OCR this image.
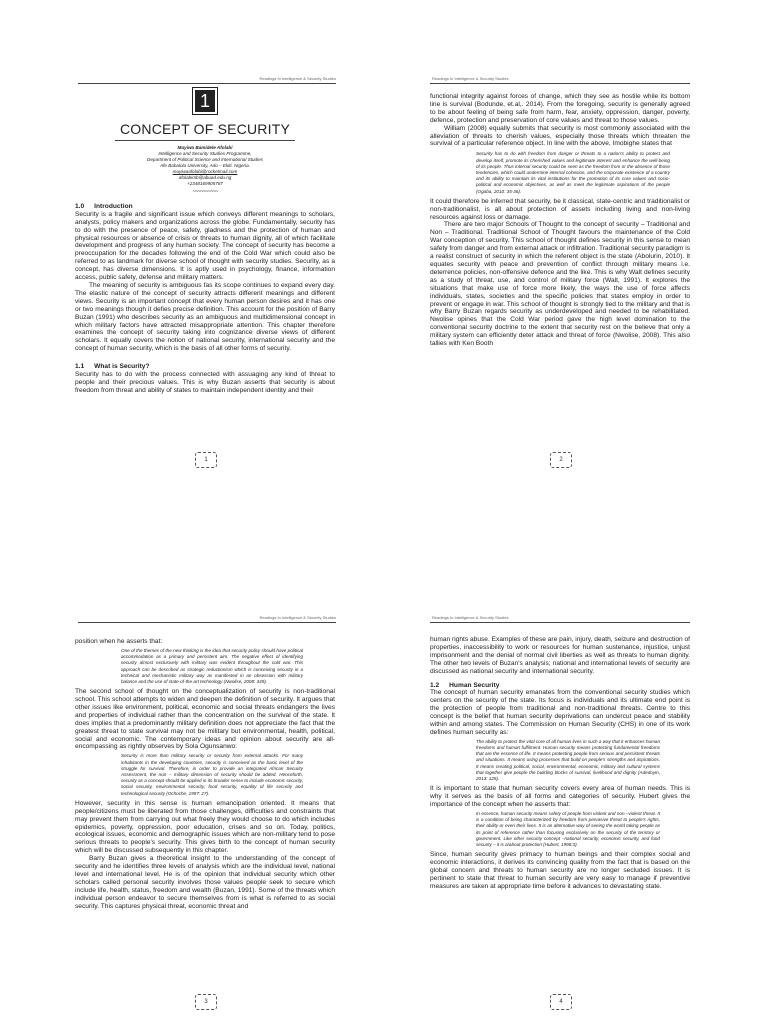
Readings In Intelligence & Security Studies
1
CONCEPT OF SECURITY
Muyiwa Bamidele Afolabi
Intelligence and Security Studies Programme,
Department of Political Science and International Studies
Afe Babalola University, Ado – Ekiti. Nigeria.
muyiwaafolabi@rocketmail.com
afolabimb@abuad.edu.ng
+2348169905787
~~~~~~~~~~
1.0 Introduction

Security is a fragile and significant issue which conveys different meanings to scholars, analysts, policy makers and organizations across the globe. Fundamentally, security has to do with the presence of peace, safety, gladness and the protection of human and physical resources or absence of crisis or threats to human dignity, all of which facilitate development and progress of any human society. The concept of security has become a preoccupation for the decades following the end of the Cold War which could also be referred to as landmark for diverse school of thought with security studies. Security, as a concept, has diverse dimensions. It is aptly used in psychology, finance, information access, public safety, defense and military matters.

The meaning of security is ambiguous fas its scope continues to expand every day. The elastic nature of the concept of security attracts different meanings and different views. Security is an important concept that every human person desires and it has one or two meanings though it defies precise definition. This account for the position of Barry Buzan (1991) who describes security as an ambiguous and multidimensional concept in which military factors have attracted misappropriate attention. This chapter therefore examines the concept of security taking into cognizance diverse views of different scholars. It equally covers the notion of national security, international security and the concept of human security, which is the basis of all other forms of security.

1.1 What is Security?

Security has to do with the process connected with assuaging any kind of threat to people and their precious values. This is why Buzan asserts that security is about freedom from threat and ability of states to maintain independent identity and their

1
Readings In Intelligence & Security Studies

functional integrity against forces of change, which they see as hostile while its bottom line is survival (Bodunde, et.al,. 2014). From the foregoing, security is generally agreed to be about feeling of being safe from harm, fear, anxiety, oppression, danger, poverty, defence, protection and preservation of core values and threat to those values.

William (2008) equally submits that security is most commonly associated with the alleviation of threats to cherish values, especially those threats which threaten the survival of a particular reference object. In line with the above, Imobighe states that

Security has to do with freedom from danger or threats to a nation's ability to protect and develop itself, promote its cherished values and legitimate interest and enhance the well-being of its people. Thus internal security could be seen as the freedom from or the absence of those tendencies, which could undermine internal cohesion, and the corporate existence of a country and its ability to maintain its vital institutions for the promotion of its core values and socio-political and economic objectives, as well as meet the legitimate aspirations of the people (Ogaba, 2010: 35-36).

It could therefore be inferred that security, be it classical, state-centric and traditionalist or non-traditionalist, is all about protection of assets including living and non-living resources against loss or damage.

There are two major Schools of Thought to the concept of security – Traditional and Non – Traditional. Traditional School of Thought favours the maintenance of the Cold War conception of security. This school of thought defines security in this sense to mean safety from danger and from external attack or infiltration. Traditional security paradigm is a realist construct of security in which the referent object is the state (Abolurin, 2010). It equates security with peace and prevention of conflict through military means i.e. deterrence policies, non-offensive defence and the like. This is why Walt defines security as a study of threat, use, and control of military force (Walt, 1991). It explores the situations that make use of force more likely, the ways the use of force affects individuals, states, societies and the specific policies that states employ in order to prevent or engage in war. This school of thought is strongly tied to the military and that is why Barry Buzan regards security as underdeveloped and needed to be rehabilitated. Nwolise opines that the Cold War period gave the high level domination to the conventional security doctrine to the extent that security rest on the believe that only a military system can efficiently deter attack and threat of force (Nwolise, 2008). This also tallies with Ken Booth

2
Readings In Intelligence & Security Studies

position when he asserts that:

One of the themes of the new thinking is the idea that security policy should have political accommodation as a primary and persistent aim. The negative effect of identifying security almost exclusively with military was evident throughout the cold war. This approach can be described as strategic reductionism which is conceiving security in a technical and mechanistic military way as manifested in an obsession with military balance and the use of state-of-the-art technology (Nwolise, 2008: 349).

The second school of thought on the conceptualization of security is non-traditional school. This school attempts to widen and deepen the definition of security. It argues that other issues like environment, political, economic and social threats endangers the lives and properties of individual rather than the concentration on the survival of the state. It does implies that a predominantly military definition does not appreciate the fact that the greatest threat to state survival may not be military but environmental, health, political, social and economic. The contemporary ideas and opinion about security are all-encompassing as rightly observes by Sola Ogunsanwo:

Security is more than military security or security from external attacks. For many inhabitants in the developing countries, security is conceived as the basic level of the struggle for survival. Therefore, in order to provide an integrated African Security Assessment, the non – military dimension of security should be added. Henceforth, security as a concept should be applied in its broader sense to include economic security, social security, environmental security, food security, equality of life security and technological security (Ochoche, 1997: 27).

However, security in this sense is human emancipation oriented. It means that people/citizens must be liberated from those challenges, difficulties and constraints that may prevent them from carrying out what freely they would choose to do which includes epidemics, poverty, oppression, poor education, crises and so on. Today, politics, ecological issues, economic and demographic issues which are non-military tend to pose serious threats to people's security. This gives birth to the concept of human security which will be discussed subsequently in this chapter.

Barry Buzan gives a theoretical insight to the understanding of the concept of security and he identifies three levels of analysis which are the individual level, national level and international level. He is of the opinion that individual security which other scholars called personal security involves those values people seek to secure which include life, health, status, freedom and wealth (Buzan, 1991). Some of the threats which individual person endeavor to secure themselves from is what is referred to as social security. This captures physical threat, economic threat and

3
Readings In Intelligence & Security Studies

human rights abuse. Examples of these are pain, injury, death, seizure and destruction of properties, inaccessibility to work or resources for human sustenance, injustice, unjust imprisonment and the denial of normal civil liberties as well as threats to human dignity. The other two levels of Buzan's analysis; national and international levels of security are discussed as national security and international security.

1.2 Human Security

The concept of human security emanates from the conventional security studies which centers on the security of the state. Its focus is individuals and its ultimate end point is the protection of people from traditional and non-traditional threats. Centre to this concept is the belief that human security deprivations can undercut peace and stability within and among states. The Commission on Human Security (CHS) in one of its work defines human security as:

The ability to protect the vital core of all human lives in such a way that it enhances human freedoms and human fulfilment. Human security means protecting fundamental freedoms that are the essence of life. It means protecting people from serious and persistent threats and situations. It means using processes that build on people's strengths and aspirations. It means creating political, social, environmental, economic, military and cultural systems that together give people the building blocks of survival, livelihood and dignity (Adedoyin, 2013: 125).

It is important to state that human security covers every area of human needs. This is why it serves as the basis of all forms and categories of security. Hubert gives the importance of the concept when he asserts that:

In essence, human security means safety of people from violent and non –violent threat. It is a condition of being characterized by freedom from pervasive threat to people's rights, their ability or even their lives. It is an alternative way of seeing the world taking people as its point of reference rather than focusing exclusively on the security of the territory or government. Like other security concept –national security, economic security, and food security – it is a/about protection (Hubert, 1998:3).

Since, human security gives primacy to human beings and their complex social and economic interactions, it derives its convincing quality from the fact that is based on the global concern and threats to human security are no longer secluded issues. It is pertinent to state that threat to human security are very easy to manage if preventive measures are taken at appropriate time before it advances to devastating state.

4
